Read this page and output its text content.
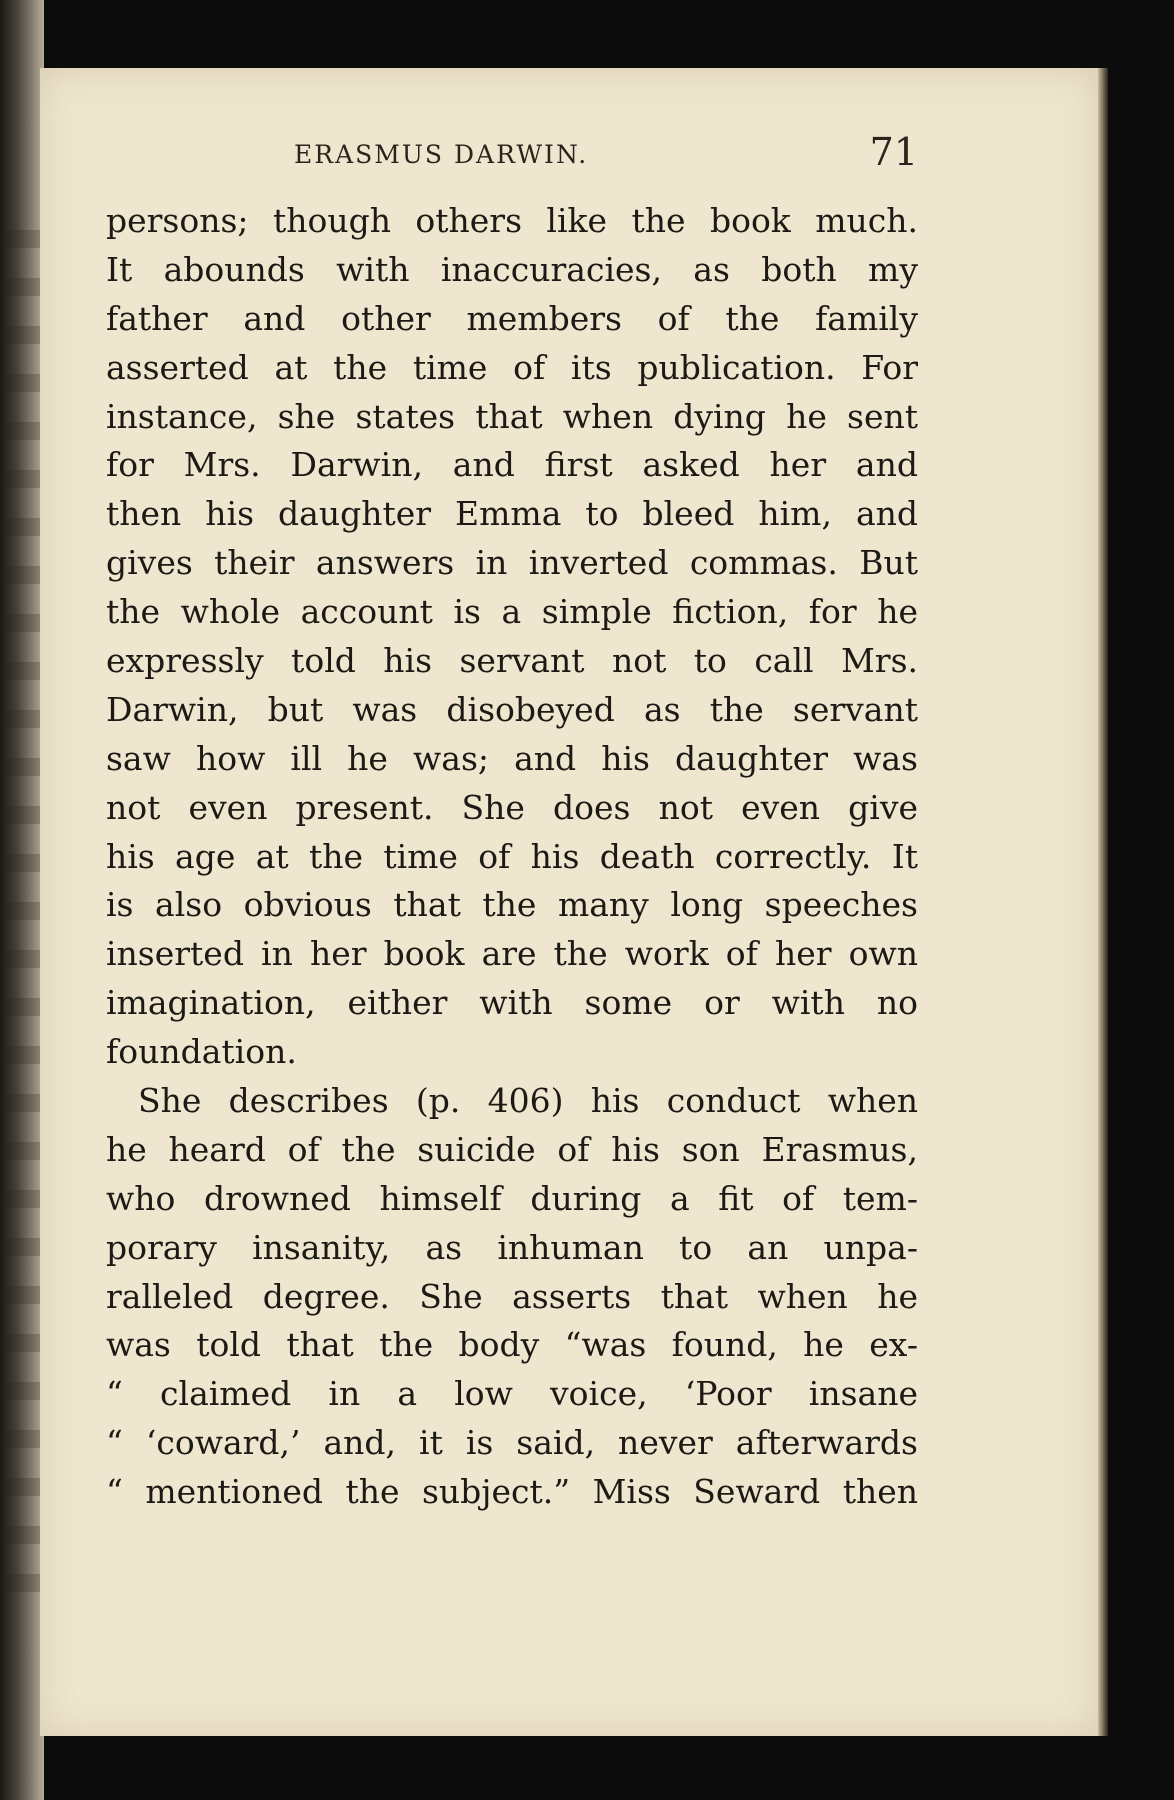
ERASMUS DARWIN.	71
persons; though others like the book much.
It abounds with inaccuracies, as both my
father and other members of the family
asserted at the time of its publication. For
instance, she states that when dying he sent
for Mrs. Darwin, and first asked her and
then his daughter Emma to bleed him, and
gives their answers in inverted commas. But
the whole account is a simple fiction, for he
expressly told his servant not to call Mrs.
Darwin, but was disobeyed as the servant
saw how ill he was; and his daughter was
not even present. She does not even give
his age at the time of his death correctly. It
is also obvious that the many long speeches
inserted in her book are the work of her own
imagination, either with some or with no
foundation.
She describes (p. 406) his conduct when
he heard of the suicide of his son Erasmus,
who drowned himself during a fit of tem-
porary insanity, as inhuman to an unpa-
ralleled degree. She asserts that when he
was told that the body “was found, he ex-
“ claimed in a low voice, ‘Poor insane
“ ‘coward,’ and, it is said, never afterwards
“ mentioned the subject.” Miss Seward then
